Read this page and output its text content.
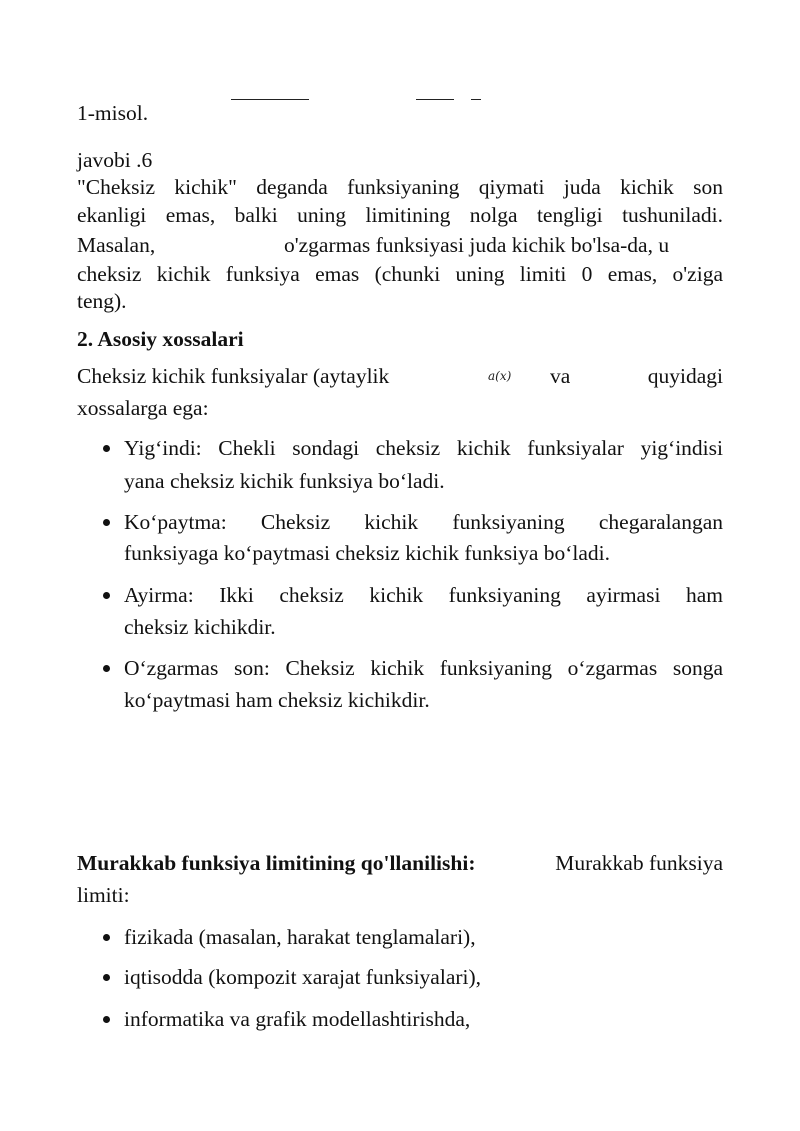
1-misol.
javobi .6
"Cheksiz kichik" deganda funksiyaning qiymati juda kichik son
ekanligi emas, balki uning limitining nolga tengligi tushuniladi.
Masalan,	o'zgarmas funksiyasi juda kichik bo'lsa-da, u
cheksiz kichik funksiya emas (chunki uning limiti 0 emas, o'ziga
teng).
2. Asosiy xossalari
Cheksiz kichik funksiyalar (aytaylik	a(x) va	quyidagi
xossalarga ega:
Yig‘indi: Chekli sondagi cheksiz kichik funksiyalar yig‘indisi
yana cheksiz kichik funksiya bo‘ladi.
Ko‘paytma: Cheksiz kichik funksiyaning chegaralangan
funksiyaga ko‘paytmasi cheksiz kichik funksiya bo‘ladi.
Ayirma: Ikki cheksiz kichik funksiyaning ayirmasi ham
cheksiz kichikdir.
O‘zgarmas son: Cheksiz kichik funksiyaning o‘zgarmas songa
ko‘paytmasi ham cheksiz kichikdir.
Murakkab funksiya limitining qo'llanilishi:	Murakkab funksiya
limiti:
fizikada (masalan, harakat tenglamalari),
iqtisodda (kompozit xarajat funksiyalari),
informatika va grafik modellashtirishda,
